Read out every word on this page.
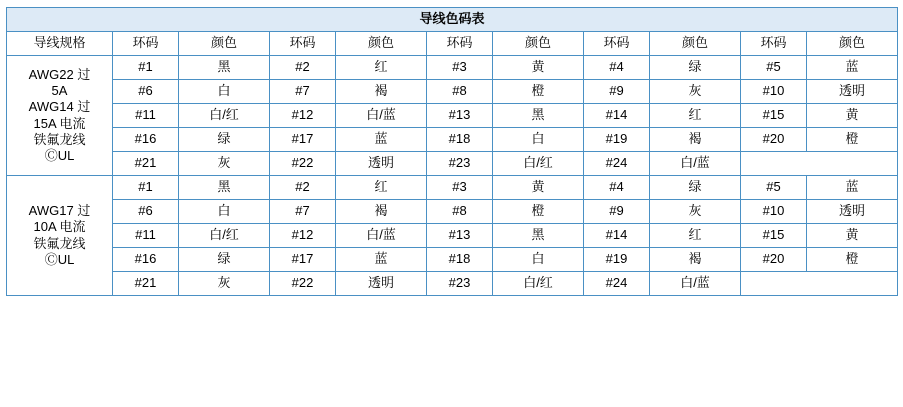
导线色码表										
导线规格	环码	颜色	环码	颜色	环码	颜色	环码	颜色	环码	颜色

AWG22 过
5A
AWG14 过
15A 电流
铁氟龙线
ⒸUL
	#1	黑	#2	红	#3	黄	#4	绿	#5	蓝
	#6	白	#7	褐	#8	橙	#9	灰	#10	透明
	#11	白/红	#12	白/蓝	#13	黑	#14	红	#15	黄
	#16	绿	#17	蓝	#18	白	#19	褐	#20	橙
	#21	灰	#22	透明	#23	白/红	#24	白/蓝		

AWG17 过
10A 电流
铁氟龙线
ⒸUL	#1	黑	#2	红	#3	黄	#4	绿	#5	蓝
	#6	白	#7	褐	#8	橙	#9	灰	#10	透明
	#11	白/红	#12	白/蓝	#13	黑	#14	红	#15	黄
	#16	绿	#17	蓝	#18	白	#19	褐	#20	橙
	#21	灰	#22	透明	#23	白/红	#24	白/蓝		
